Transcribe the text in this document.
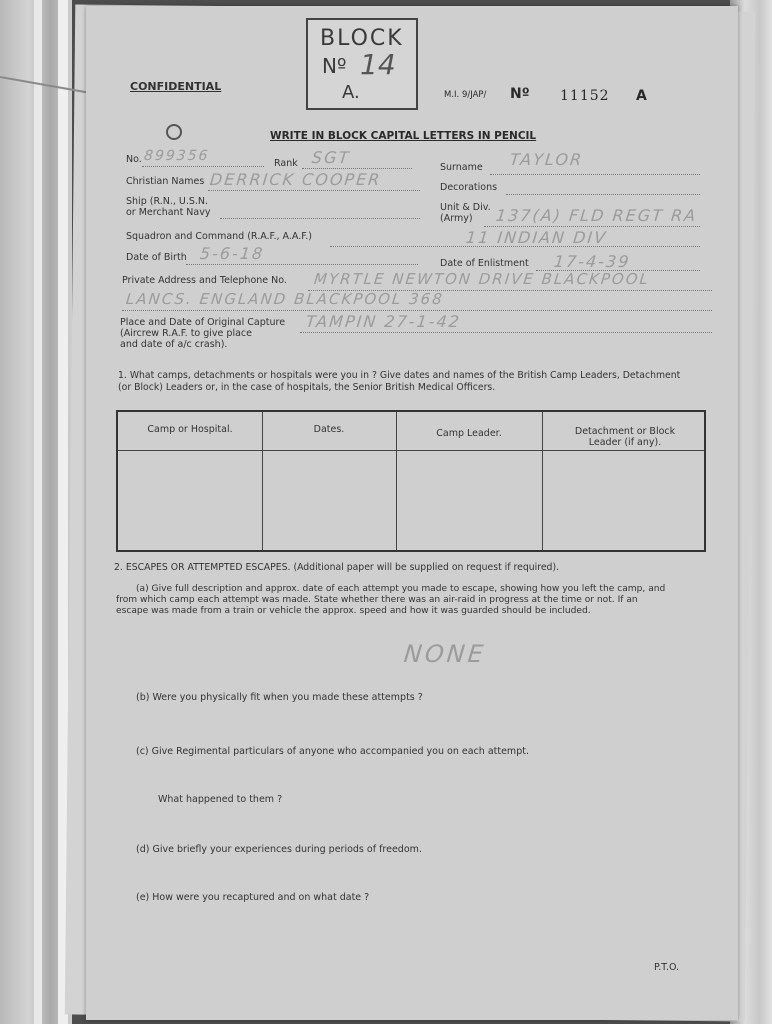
CONFIDENTIAL
BLOCK
Nº 14
A.	M.I. 9/JAP/ Nº 11152 A
WRITE IN BLOCK CAPITAL LETTERS IN PENCIL
No. 899356	Rank SGT
Surname TAYLOR
Christian Names DERRICK COOPER	Decorations
Ship (R.N., U.S.N.
or Merchant Navy	Unit & Div.
(Army) 137(A) FLD REGT RA
Squadron and Command (R.A.F., A.A.F.)	11 INDIAN DIV
Date of Birth 5-6-18
Date of Enlistment 17-4-39
Private Address and Telephone No. MYRTLE NEWTON DRIVE BLACKPOOL
LANCS. ENGLAND BLACKPOOL 368
Place and Date of Original Capture
(Aircrew R.A.F. to give place
and date of a/c crash).
TAMPIN 27-1-42
1. What camps, detachments or hospitals were you in ? Give dates and names of the British Camp Leaders, Detachment
(or Block) Leaders or, in the case of hospitals, the Senior British Medical Officers.
Camp or Hospital.	Dates.	Camp Leader.	Detachment or Block
Leader (if any).
2. ESCAPES OR ATTEMPTED ESCAPES. (Additional paper will be supplied on request if required).
(a) Give full description and approx. date of each attempt you made to escape, showing how you left the camp, and
from which camp each attempt was made. State whether there was an air-raid in progress at the time or not. If an
escape was made from a train or vehicle the approx. speed and how it was guarded should be included.
NONE
(b) Were you physically fit when you made these attempts ?
(c) Give Regimental particulars of anyone who accompanied you on each attempt.
What happened to them ?
(d) Give briefly your experiences during periods of freedom.
(e) How were you recaptured and on what date ?
P.T.O.
